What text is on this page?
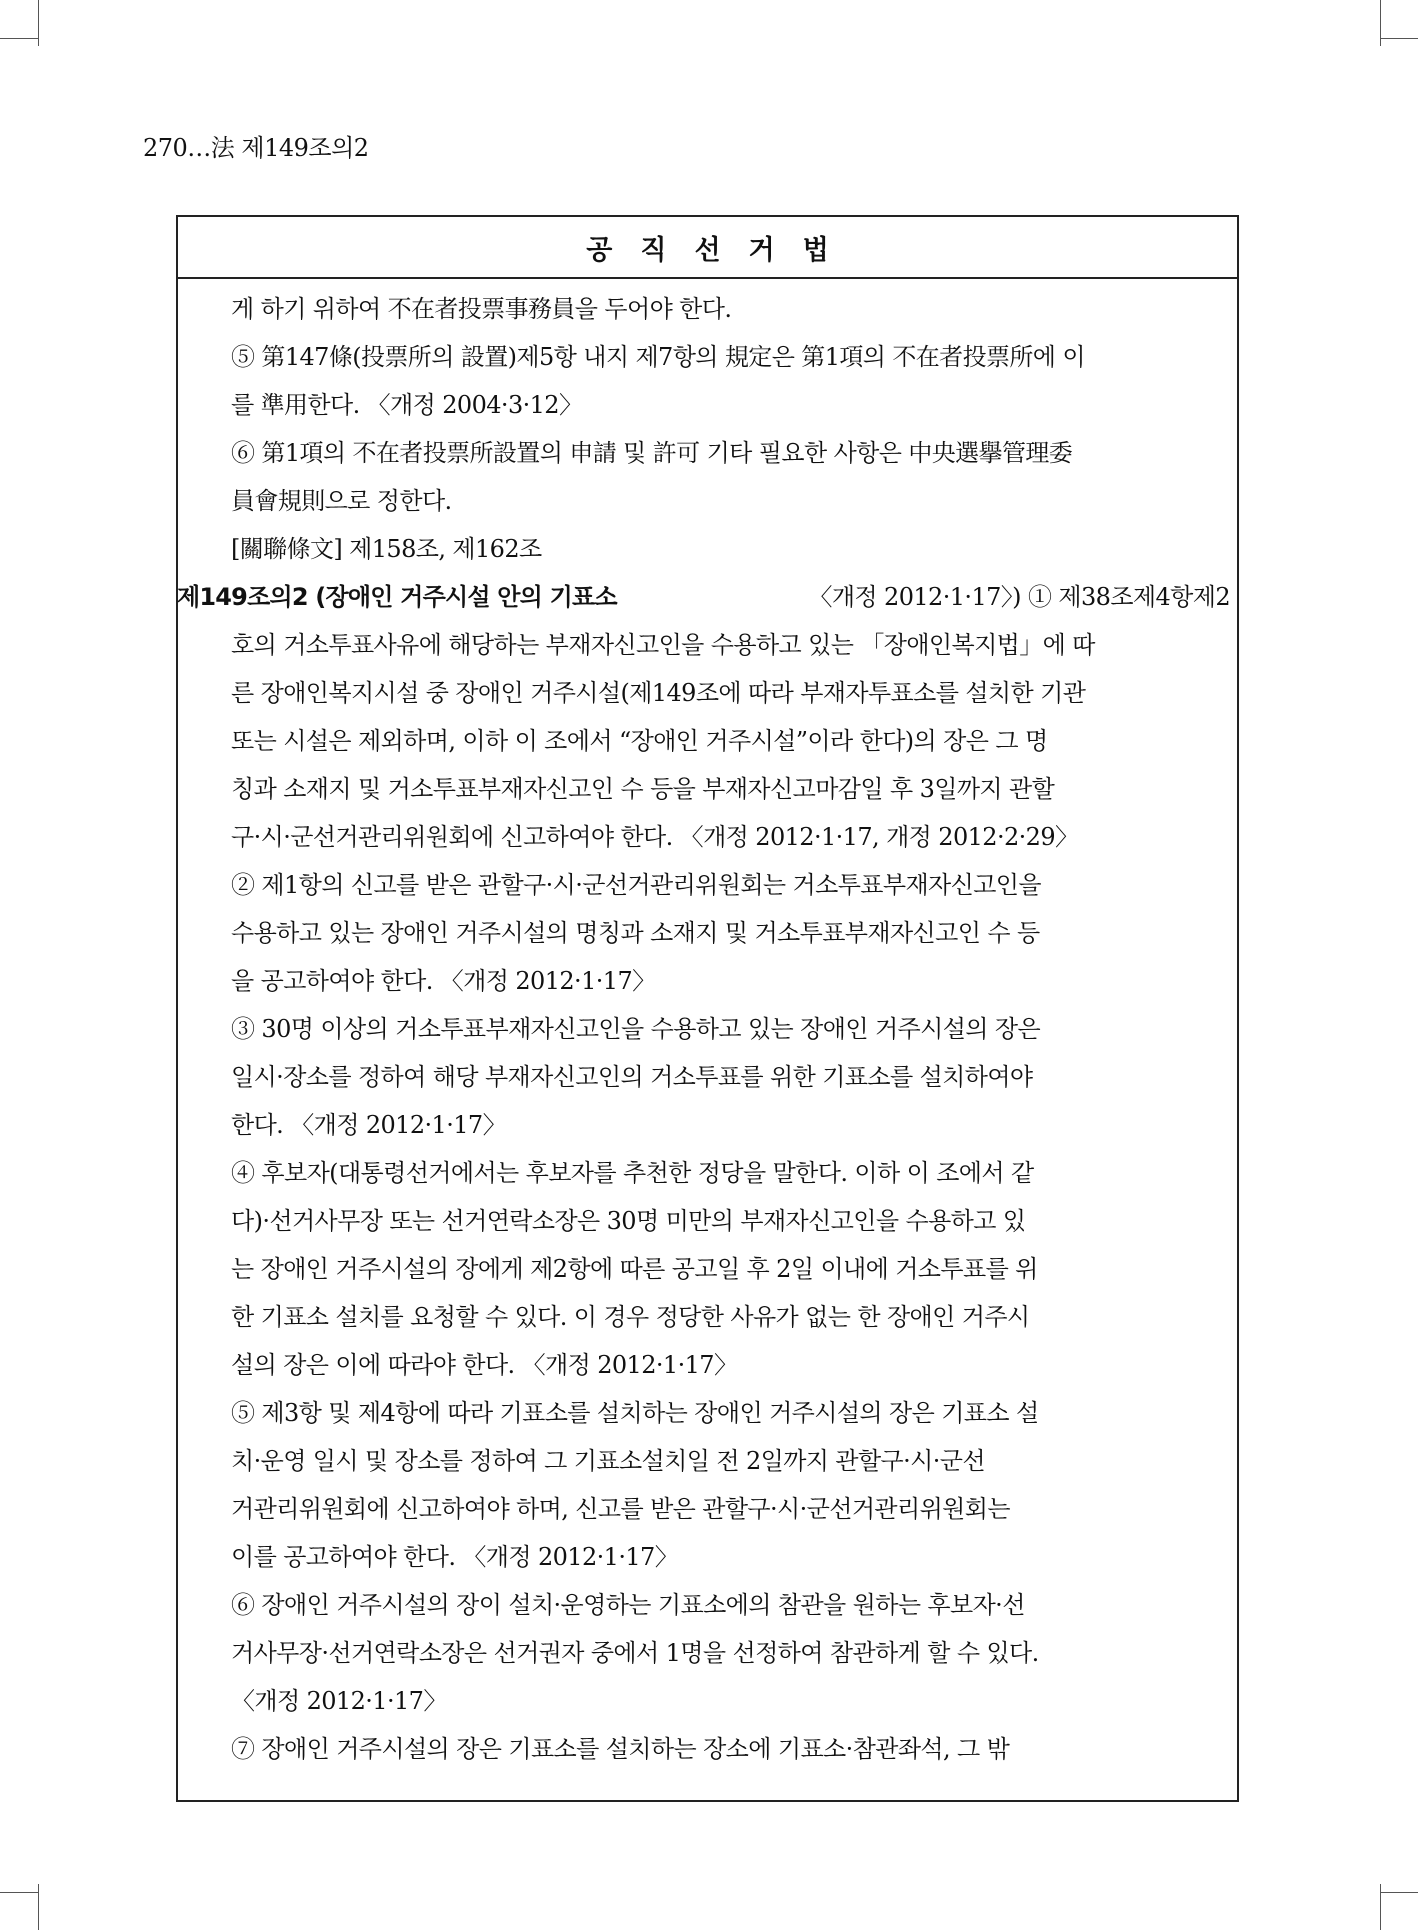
270…法 제149조의2
공직선거법
게 하기 위하여 不在者投票事務員을 두어야 한다.
⑤ 第147條(投票所의 設置)제5항 내지 제7항의 規定은 第1項의 不在者投票所에 이
를 準用한다. 〈개정 2004·3·12〉
⑥ 第1項의 不在者投票所設置의 申請 및 許可 기타 필요한 사항은 中央選擧管理委
員會規則으로 정한다.
[關聯條文] 제158조, 제162조
제149조의2 (장애인 거주시설 안의 기표소	〈개정 2012·1·17〉) ① 제38조제4항제2
호의 거소투표사유에 해당하는 부재자신고인을 수용하고 있는 「장애인복지법」에 따
른 장애인복지시설 중 장애인 거주시설(제149조에 따라 부재자투표소를 설치한 기관
또는 시설은 제외하며, 이하 이 조에서 “장애인 거주시설”이라 한다)의 장은 그 명
칭과 소재지 및 거소투표부재자신고인 수 등을 부재자신고마감일 후 3일까지 관할
구·시·군선거관리위원회에 신고하여야 한다. 〈개정 2012·1·17, 개정 2012·2·29〉
② 제1항의 신고를 받은 관할구·시·군선거관리위원회는 거소투표부재자신고인을
수용하고 있는 장애인 거주시설의 명칭과 소재지 및 거소투표부재자신고인 수 등
을 공고하여야 한다. 〈개정 2012·1·17〉
③ 30명 이상의 거소투표부재자신고인을 수용하고 있는 장애인 거주시설의 장은
일시·장소를 정하여 해당 부재자신고인의 거소투표를 위한 기표소를 설치하여야
한다. 〈개정 2012·1·17〉
④ 후보자(대통령선거에서는 후보자를 추천한 정당을 말한다. 이하 이 조에서 같
다)·선거사무장 또는 선거연락소장은 30명 미만의 부재자신고인을 수용하고 있
는 장애인 거주시설의 장에게 제2항에 따른 공고일 후 2일 이내에 거소투표를 위
한 기표소 설치를 요청할 수 있다. 이 경우 정당한 사유가 없는 한 장애인 거주시
설의 장은 이에 따라야 한다. 〈개정 2012·1·17〉
⑤ 제3항 및 제4항에 따라 기표소를 설치하는 장애인 거주시설의 장은 기표소 설
치·운영 일시 및 장소를 정하여 그 기표소설치일 전 2일까지 관할구·시·군선
거관리위원회에 신고하여야 하며, 신고를 받은 관할구·시·군선거관리위원회는
이를 공고하여야 한다. 〈개정 2012·1·17〉
⑥ 장애인 거주시설의 장이 설치·운영하는 기표소에의 참관을 원하는 후보자·선
거사무장·선거연락소장은 선거권자 중에서 1명을 선정하여 참관하게 할 수 있다.
〈개정 2012·1·17〉
⑦ 장애인 거주시설의 장은 기표소를 설치하는 장소에 기표소·참관좌석, 그 밖
